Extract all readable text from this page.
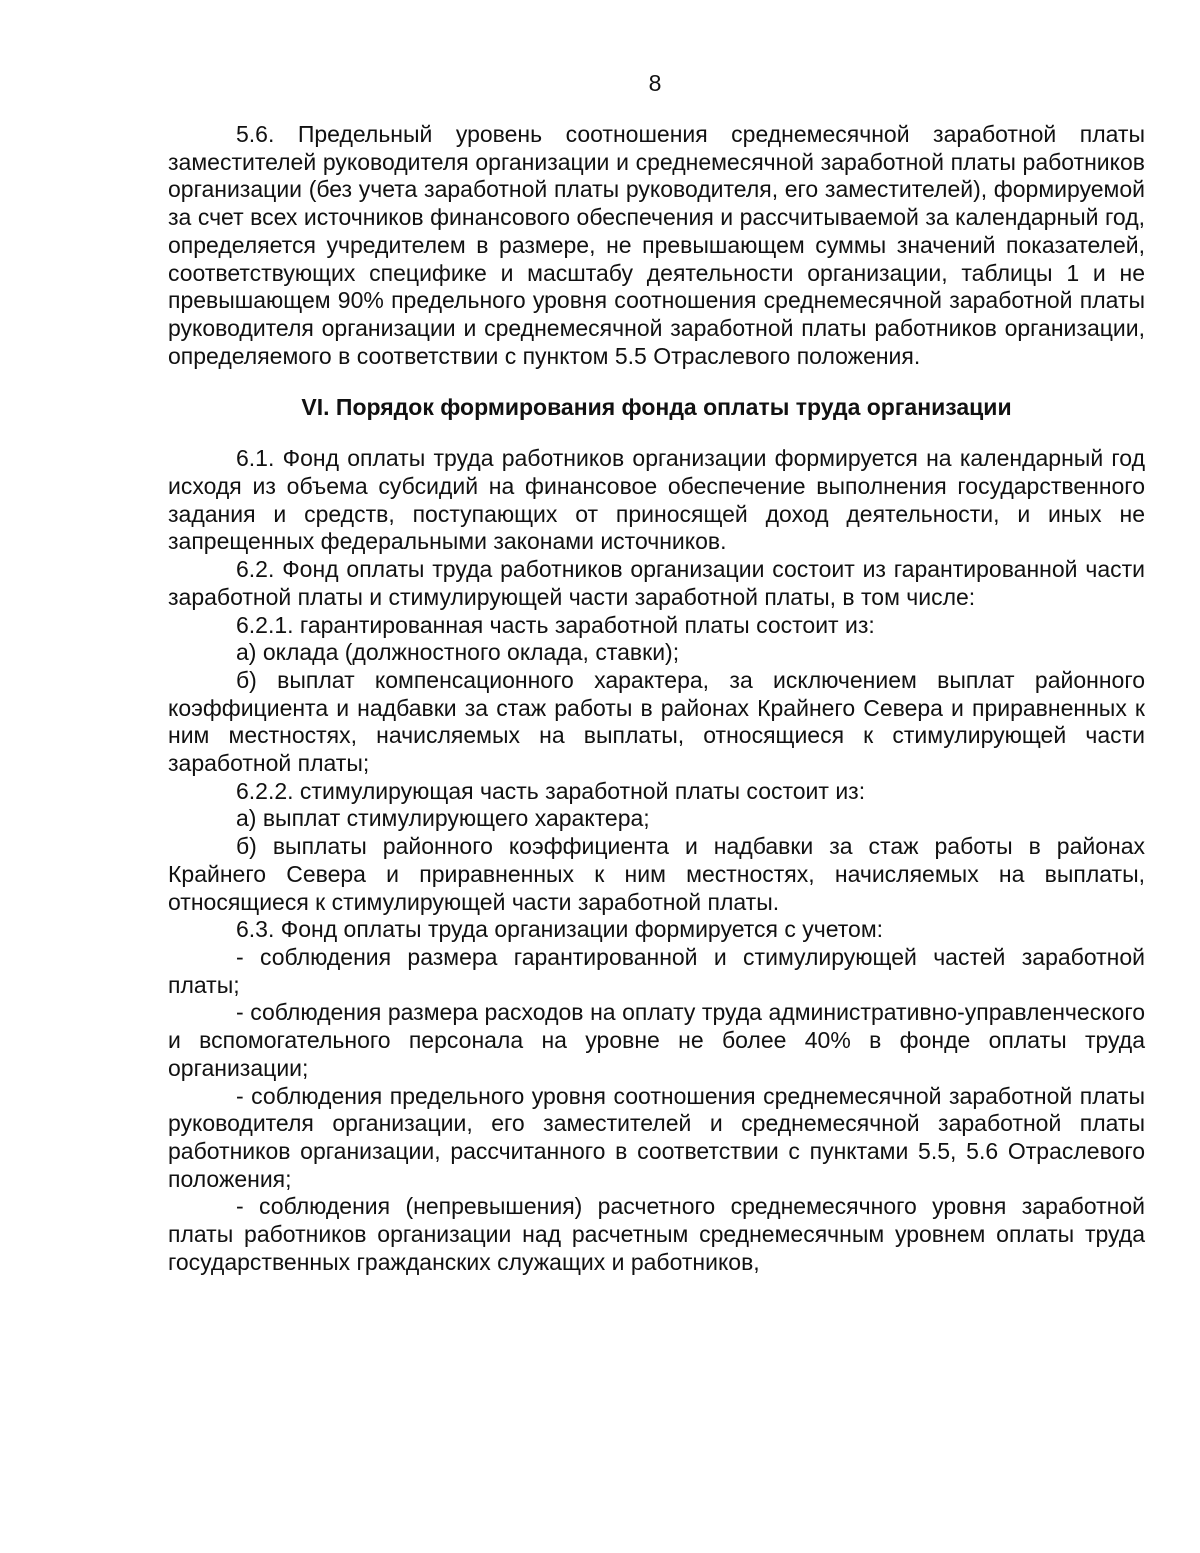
8

5.6. Предельный уровень соотношения среднемесячной заработной платы заместителей руководителя организации и среднемесячной заработной платы работников организации (без учета заработной платы руководителя, его заместителей), формируемой за счет всех источников финансового обеспечения и рассчитываемой за календарный год, определяется учредителем в размере, не превышающем суммы значений показателей, соответствующих специфике и масштабу деятельности организации, таблицы 1 и не превышающем 90% предельного уровня соотношения среднемесячной заработной платы руководителя организации и среднемесячной заработной платы работников организации, определяемого в соответствии с пунктом 5.5 Отраслевого положения.

VI. Порядок формирования фонда оплаты труда организации

6.1. Фонд оплаты труда работников организации формируется на календарный год исходя из объема субсидий на финансовое обеспечение выполнения государственного задания и средств, поступающих от приносящей доход деятельности, и иных не запрещенных федеральными законами источников.

6.2. Фонд оплаты труда работников организации состоит из гарантированной части заработной платы и стимулирующей части заработной платы, в том числе:

6.2.1. гарантированная часть заработной платы состоит из:

а) оклада (должностного оклада, ставки);

б) выплат компенсационного характера, за исключением выплат районного коэффициента и надбавки за стаж работы в районах Крайнего Севера и приравненных к ним местностях, начисляемых на выплаты, относящиеся к стимулирующей части заработной платы;

6.2.2. стимулирующая часть заработной платы состоит из:

а) выплат стимулирующего характера;

б) выплаты районного коэффициента и надбавки за стаж работы в районах Крайнего Севера и приравненных к ним местностях, начисляемых на выплаты, относящиеся к стимулирующей части заработной платы.

6.3. Фонд оплаты труда организации формируется с учетом:

- соблюдения размера гарантированной и стимулирующей частей заработной платы;

- соблюдения размера расходов на оплату труда административно-управленческого и вспомогательного персонала на уровне не более 40% в фонде оплаты труда организации;

- соблюдения предельного уровня соотношения среднемесячной заработной платы руководителя организации, его заместителей и среднемесячной заработной платы работников организации, рассчитанного в соответствии с пунктами 5.5, 5.6 Отраслевого положения;

- соблюдения (непревышения) расчетного среднемесячного уровня заработной платы работников организации над расчетным среднемесячным уровнем оплаты труда государственных гражданских служащих и работников,
